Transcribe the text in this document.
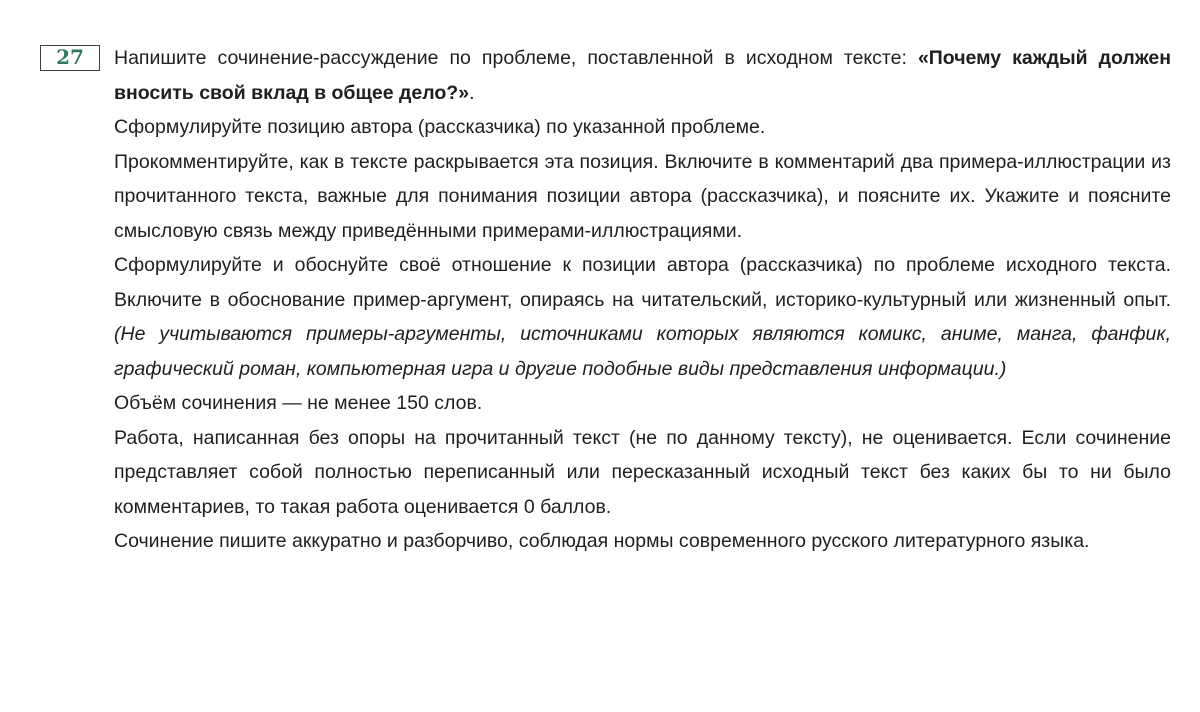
27	Напишите сочинение-рассуждение по проблеме, поставленной в исходном тексте: «Почему каждый должен вносить свой вклад в общее дело?».

Сформулируйте позицию автора (рассказчика) по указанной проблеме.

Прокомментируйте, как в тексте раскрывается эта позиция. Включите в комментарий два примера-иллюстрации из прочитанного текста, важные для понимания позиции автора (рассказчика), и поясните их. Укажите и поясните смысловую связь между приведёнными примерами-иллюстрациями.

Сформулируйте и обоснуйте своё отношение к позиции автора (рассказчика) по проблеме исходного текста. Включите в обоснование пример-аргумент, опираясь на читательский, историко-культурный или жизненный опыт. (Не учитываются примеры-аргументы, источниками которых являются комикс, аниме, манга, фанфик, графический роман, компьютерная игра и другие подобные виды представления информации.)

Объём сочинения — не менее 150 слов.

Работа, написанная без опоры на прочитанный текст (не по данному тексту), не оценивается. Если сочинение представляет собой полностью переписанный или пересказанный исходный текст без каких бы то ни было комментариев, то такая работа оценивается 0 баллов.

Сочинение пишите аккуратно и разборчиво, соблюдая нормы современного русского литературного языка.
